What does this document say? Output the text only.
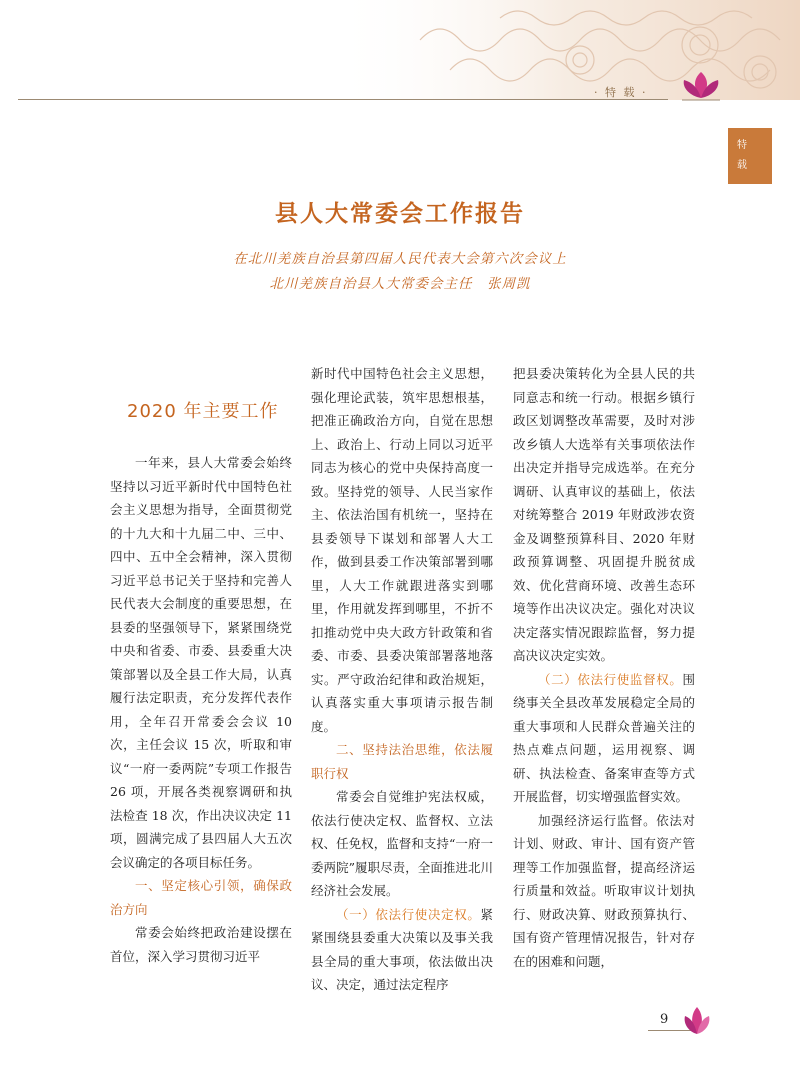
· 特 载 ·
特载
县人大常委会工作报告
在北川羌族自治县第四届人民代表大会第六次会议上
北川羌族自治县人大常委会主任　张周凯
2020 年主要工作

一年来，县人大常委会始终坚持以习近平新时代中国特色社会主义思想为指导，全面贯彻党的十九大和十九届二中、三中、四中、五中全会精神，深入贯彻习近平总书记关于坚持和完善人民代表大会制度的重要思想，在县委的坚强领导下，紧紧围绕党中央和省委、市委、县委重大决策部署以及全县工作大局，认真履行法定职责，充分发挥代表作用，全年召开常委会会议 10 次，主任会议 15 次，听取和审议“一府一委两院”专项工作报告 26 项，开展各类视察调研和执法检查 18 次，作出决议决定 11 项，圆满完成了县四届人大五次会议确定的各项目标任务。

一、坚定核心引领，确保政治方向

常委会始终把政治建设摆在首位，深入学习贯彻习近平

新时代中国特色社会主义思想，强化理论武装，筑牢思想根基，把准正确政治方向，自觉在思想上、政治上、行动上同以习近平同志为核心的党中央保持高度一致。坚持党的领导、人民当家作主、依法治国有机统一，坚持在县委领导下谋划和部署人大工作，做到县委工作决策部署到哪里，人大工作就跟进落实到哪里，作用就发挥到哪里，不折不扣推动党中央大政方针政策和省委、市委、县委决策部署落地落实。严守政治纪律和政治规矩，认真落实重大事项请示报告制度。

二、坚持法治思维，依法履职行权

常委会自觉维护宪法权威，依法行使决定权、监督权、立法权、任免权，监督和支持“一府一委两院”履职尽责，全面推进北川经济社会发展。

（一）依法行使决定权。紧紧围绕县委重大决策以及事关我县全局的重大事项，依法做出决议、决定，通过法定程序

把县委决策转化为全县人民的共同意志和统一行动。根据乡镇行政区划调整改革需要，及时对涉改乡镇人大选举有关事项依法作出决定并指导完成选举。在充分调研、认真审议的基础上，依法对统筹整合 2019 年财政涉农资金及调整预算科目、2020 年财政预算调整、巩固提升脱贫成效、优化营商环境、改善生态环境等作出决议决定。强化对决议决定落实情况跟踪监督，努力提高决议决定实效。

（二）依法行使监督权。围绕事关全县改革发展稳定全局的重大事项和人民群众普遍关注的热点难点问题，运用视察、调研、执法检查、备案审查等方式开展监督，切实增强监督实效。

加强经济运行监督。依法对计划、财政、审计、国有资产管理等工作加强监督，提高经济运行质量和效益。听取审议计划执行、财政决算、财政预算执行、国有资产管理情况报告，针对存在的困难和问题，

9
